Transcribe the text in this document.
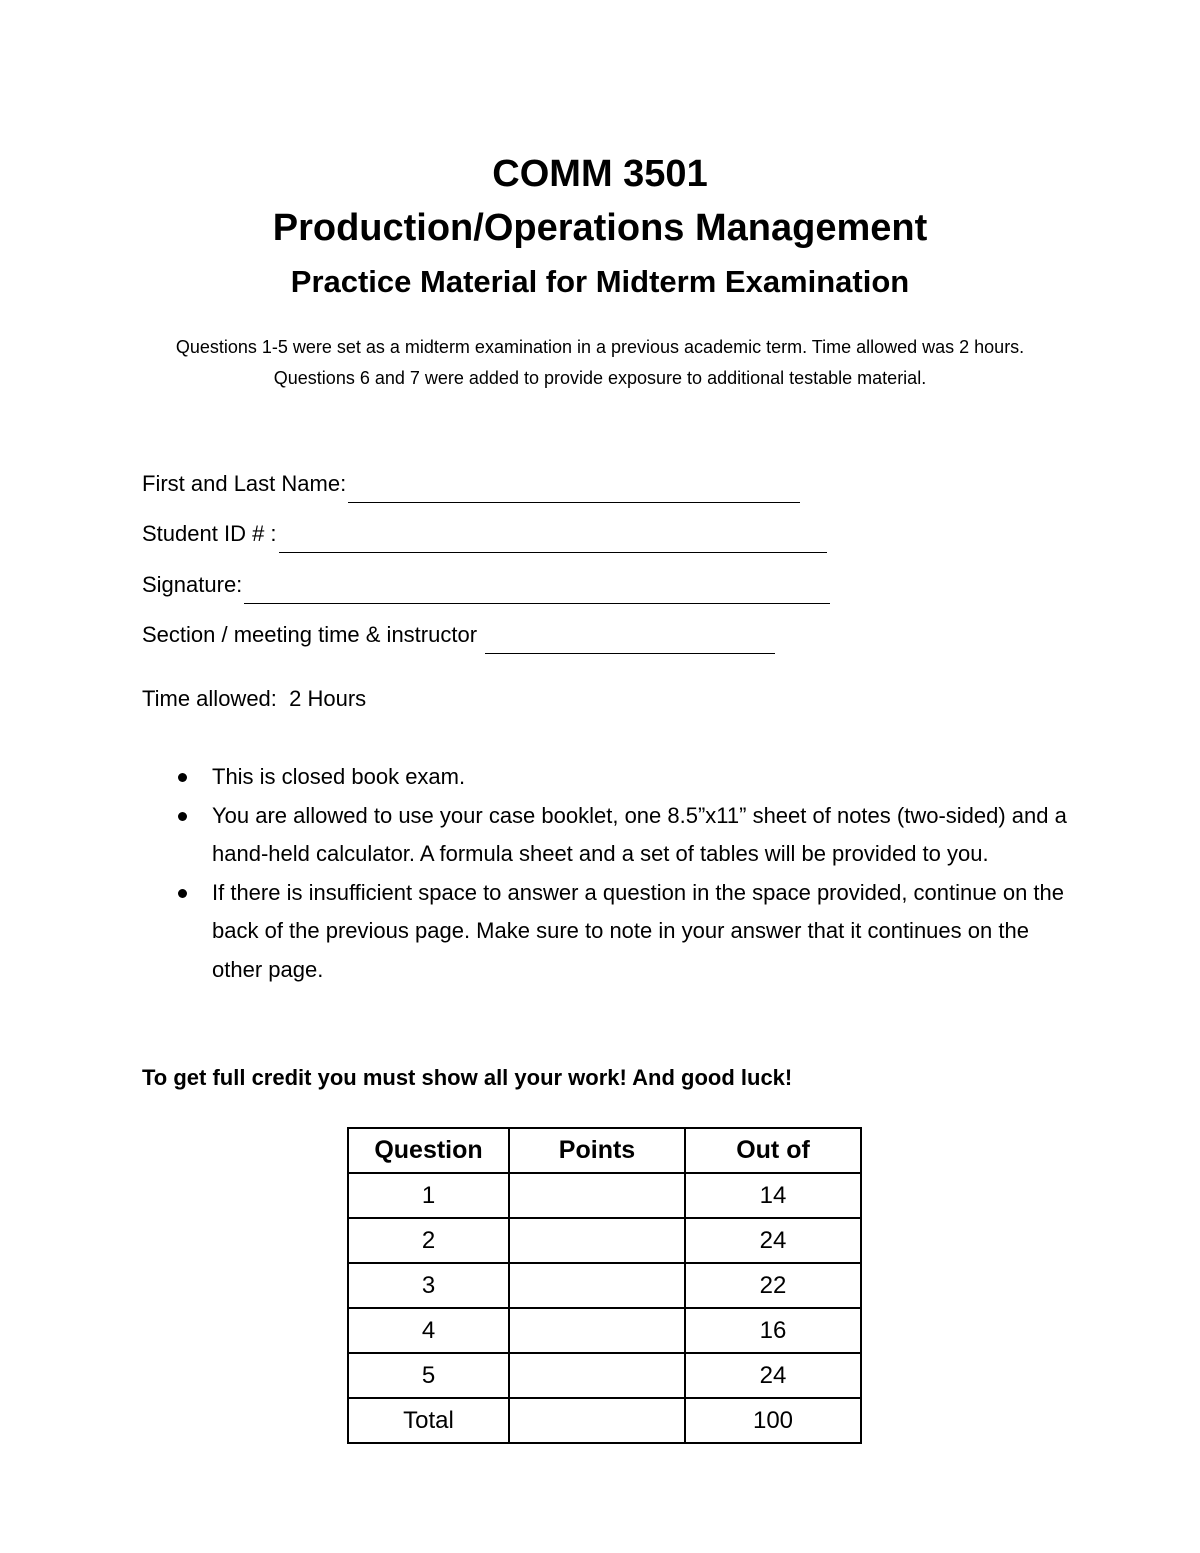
COMM 3501

Production/Operations Management

Practice Material for Midterm Examination

Questions 1-5 were set as a midterm examination in a previous academic term. Time allowed was 2 hours.

Questions 6 and 7 were added to provide exposure to additional testable material.

First and Last Name:
Student ID # :
Signature:
Section / meeting time & instructor
Time allowed:  2 Hours
This is closed book exam.
You are allowed to use your case booklet, one 8.5”x11” sheet of notes (two-sided) and a hand-held calculator. A formula sheet and a set of tables will be provided to you.
If there is insufficient space to answer a question in the space provided, continue on the back of the previous page. Make sure to note in your answer that it continues on the other page.
To get full credit you must show all your work! And good luck!
Question	Points	Out of
1		14
2		24
3		22
4		16
5		24
Total		100
